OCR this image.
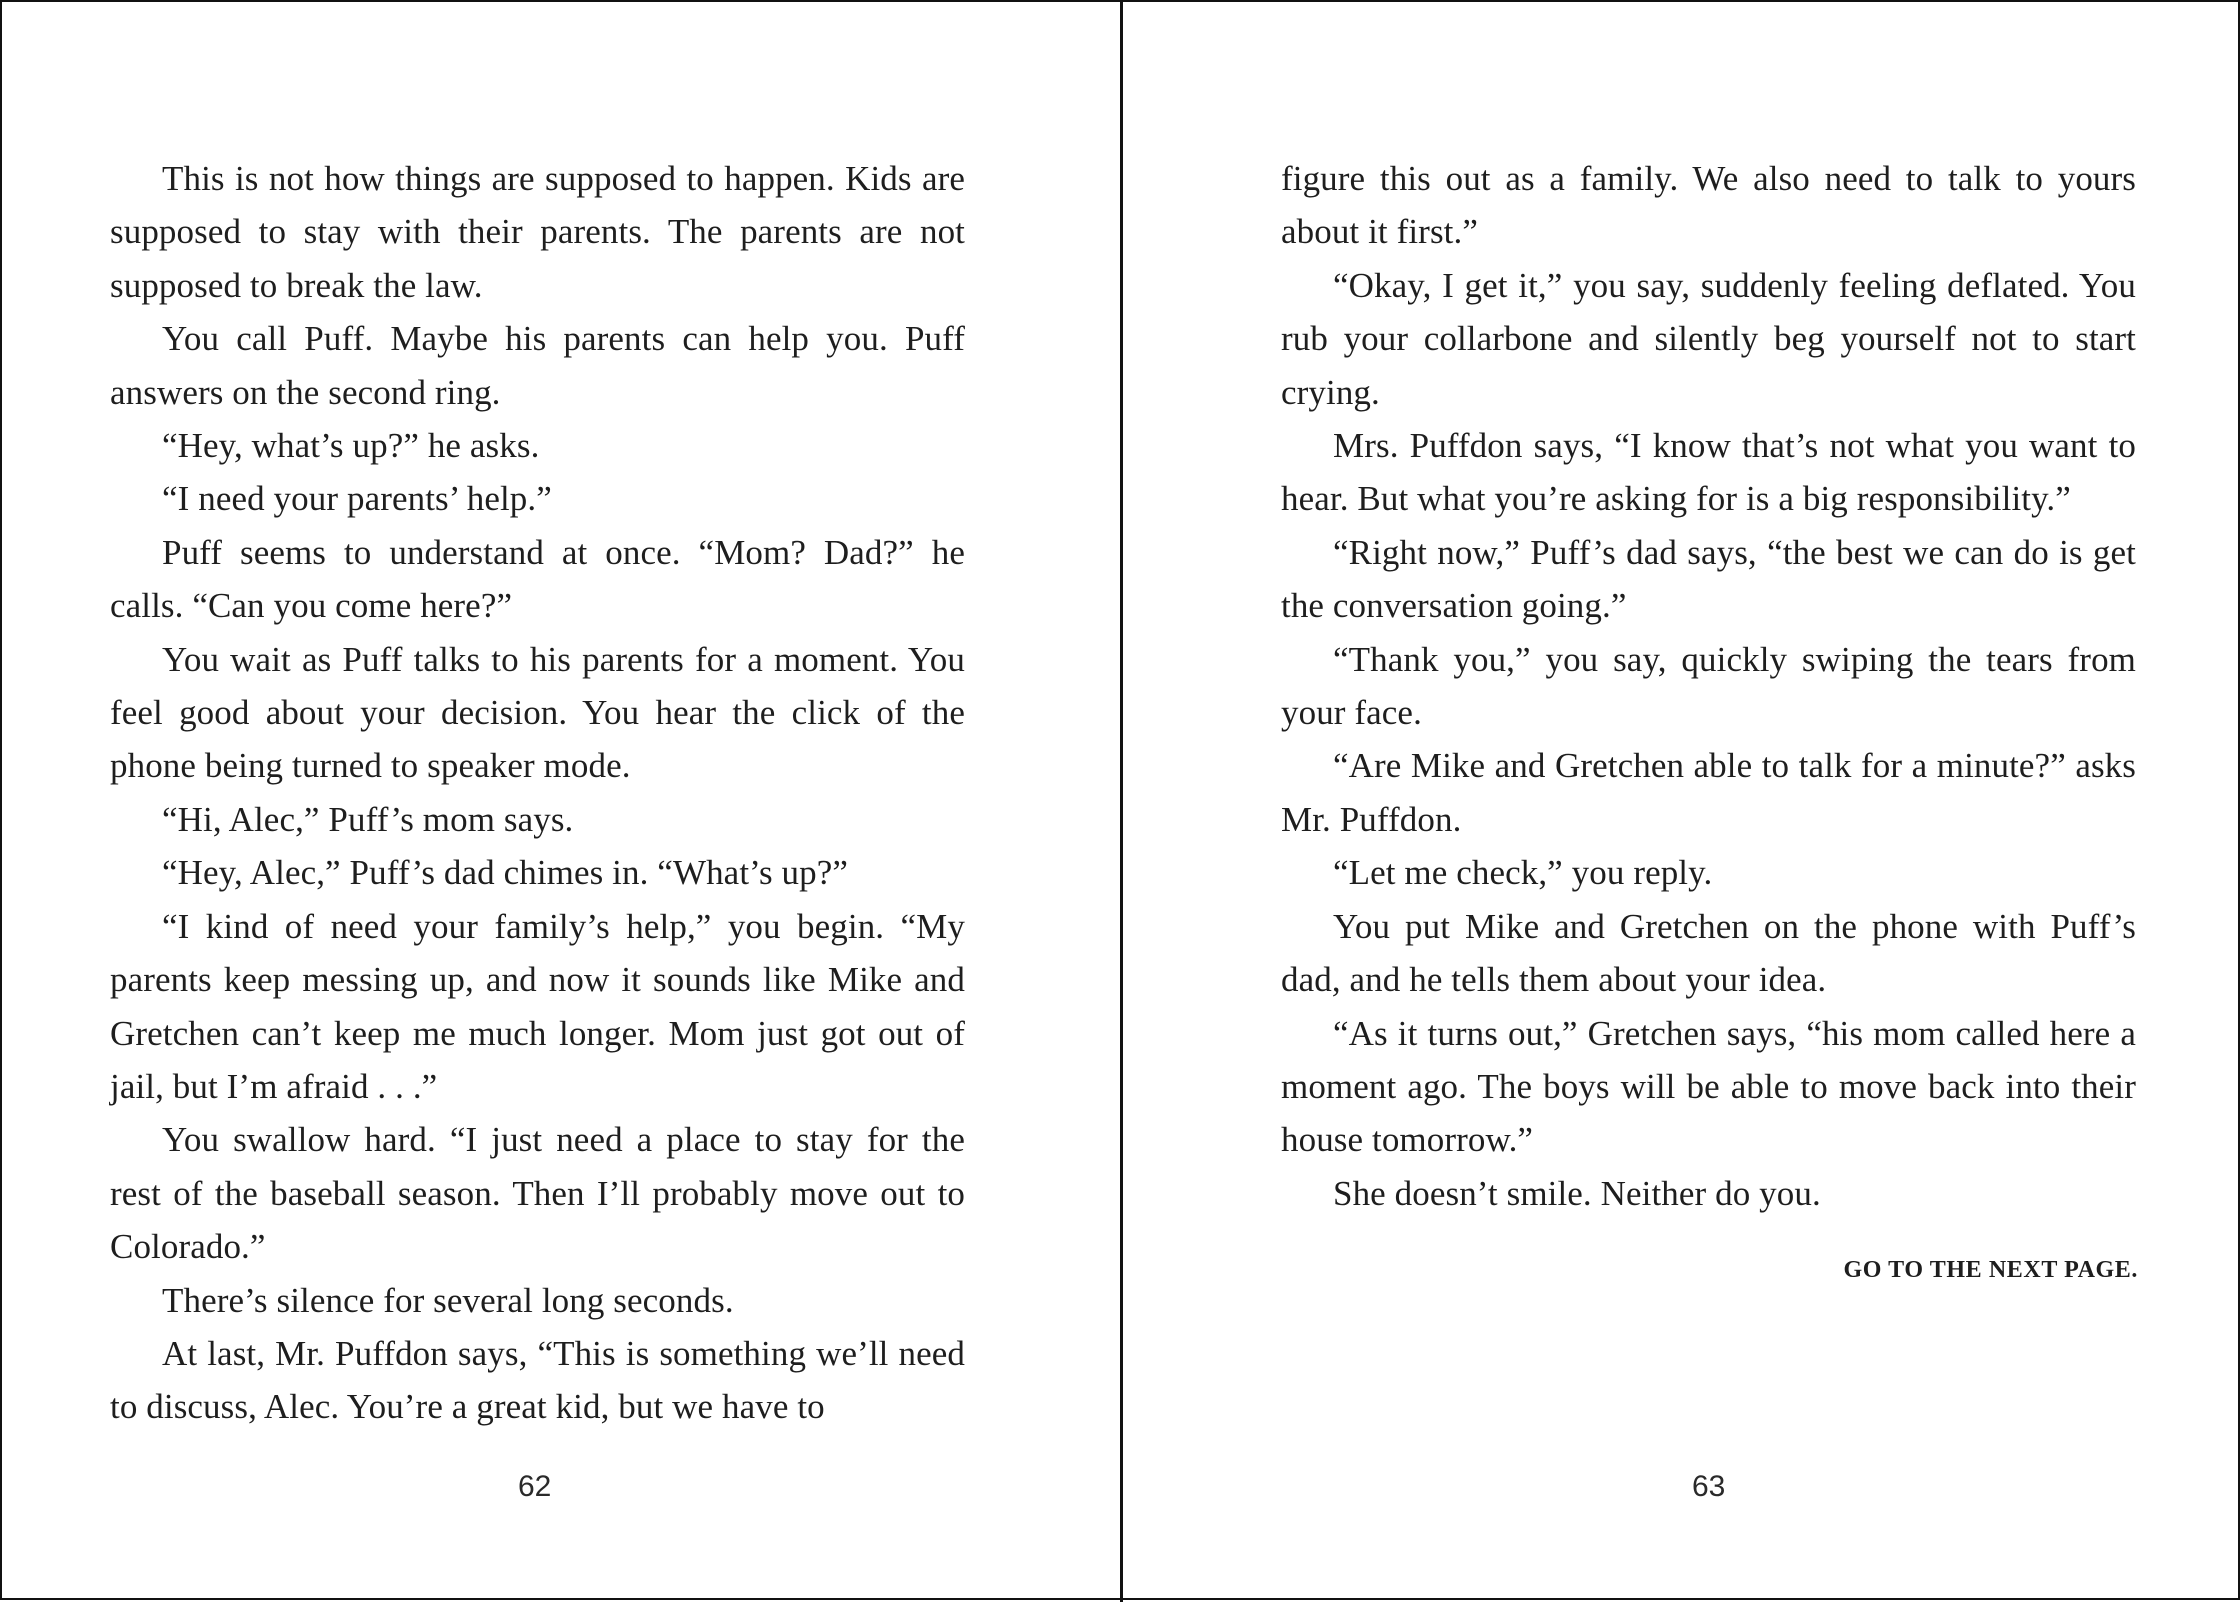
This is not how things are supposed to happen. Kids are supposed to stay with their parents. The parents are not supposed to break the law.

You call Puff. Maybe his parents can help you. Puff answers on the second ring.

“Hey, what’s up?” he asks.

“I need your parents’ help.”

Puff seems to understand at once. “Mom? Dad?” he calls. “Can you come here?”

You wait as Puff talks to his parents for a moment. You feel good about your decision. You hear the click of the phone being turned to speaker mode.

“Hi, Alec,” Puff’s mom says.

“Hey, Alec,” Puff’s dad chimes in. “What’s up?”

“I kind of need your family’s help,” you begin. “My parents keep messing up, and now it sounds like Mike and Gretchen can’t keep me much longer. Mom just got out of jail, but I’m afraid . . .”

You swallow hard. “I just need a place to stay for the rest of the baseball season. Then I’ll probably move out to Colorado.”

There’s silence for several long seconds.

At last, Mr. Puffdon says, “This is something we’ll need to discuss, Alec. You’re a great kid, but we have to

62

figure this out as a family. We also need to talk to yours about it first.”

“Okay, I get it,” you say, suddenly feeling deflated. You rub your collarbone and silently beg yourself not to start crying.

Mrs. Puffdon says, “I know that’s not what you want to hear. But what you’re asking for is a big responsibility.”

“Right now,” Puff’s dad says, “the best we can do is get the conversation going.”

“Thank you,” you say, quickly swiping the tears from your face.

“Are Mike and Gretchen able to talk for a minute?” asks Mr. Puffdon.

“Let me check,” you reply.

You put Mike and Gretchen on the phone with Puff’s dad, and he tells them about your idea.

“As it turns out,” Gretchen says, “his mom called here a moment ago. The boys will be able to move back into their house tomorrow.”

She doesn’t smile. Neither do you.

GO TO THE NEXT PAGE.
63
